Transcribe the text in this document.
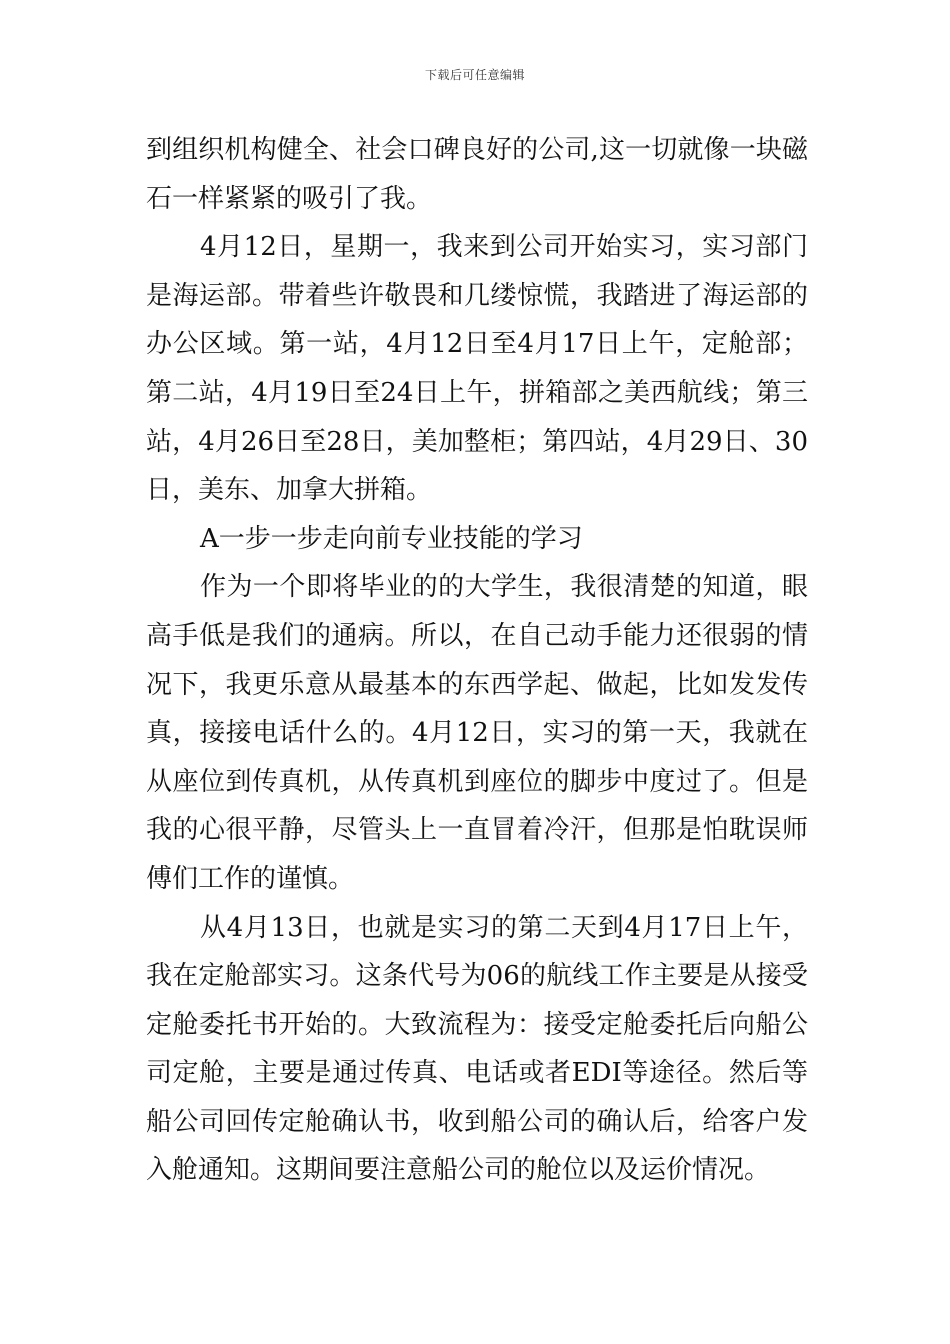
下载后可任意编辑

到组织机构健全、社会口碑良好的公司,这一切就像一块磁石一样紧紧的吸引了我。

4月12日，星期一，我来到公司开始实习，实习部门是海运部。带着些许敬畏和几缕惊慌，我踏进了海运部的办公区域。第一站，4月12日至4月17日上午，定舱部；第二站，4月19日至24日上午，拼箱部之美西航线；第三站，4月26日至28日，美加整柜；第四站，4月29日、30日，美东、加拿大拼箱。

A一步一步走向前专业技能的学习

作为一个即将毕业的的大学生，我很清楚的知道，眼高手低是我们的通病。所以，在自己动手能力还很弱的情况下，我更乐意从最基本的东西学起、做起，比如发发传真，接接电话什么的。4月12日，实习的第一天，我就在从座位到传真机，从传真机到座位的脚步中度过了。但是我的心很平静，尽管头上一直冒着冷汗，但那是怕耽误师傅们工作的谨慎。

从4月13日，也就是实习的第二天到4月17日上午，我在定舱部实习。这条代号为06的航线工作主要是从接受定舱委托书开始的。大致流程为：接受定舱委托后向船公司定舱，主要是通过传真、电话或者EDI等途径。然后等船公司回传定舱确认书，收到船公司的确认后，给客户发入舱通知。这期间要注意船公司的舱位以及运价情况。
